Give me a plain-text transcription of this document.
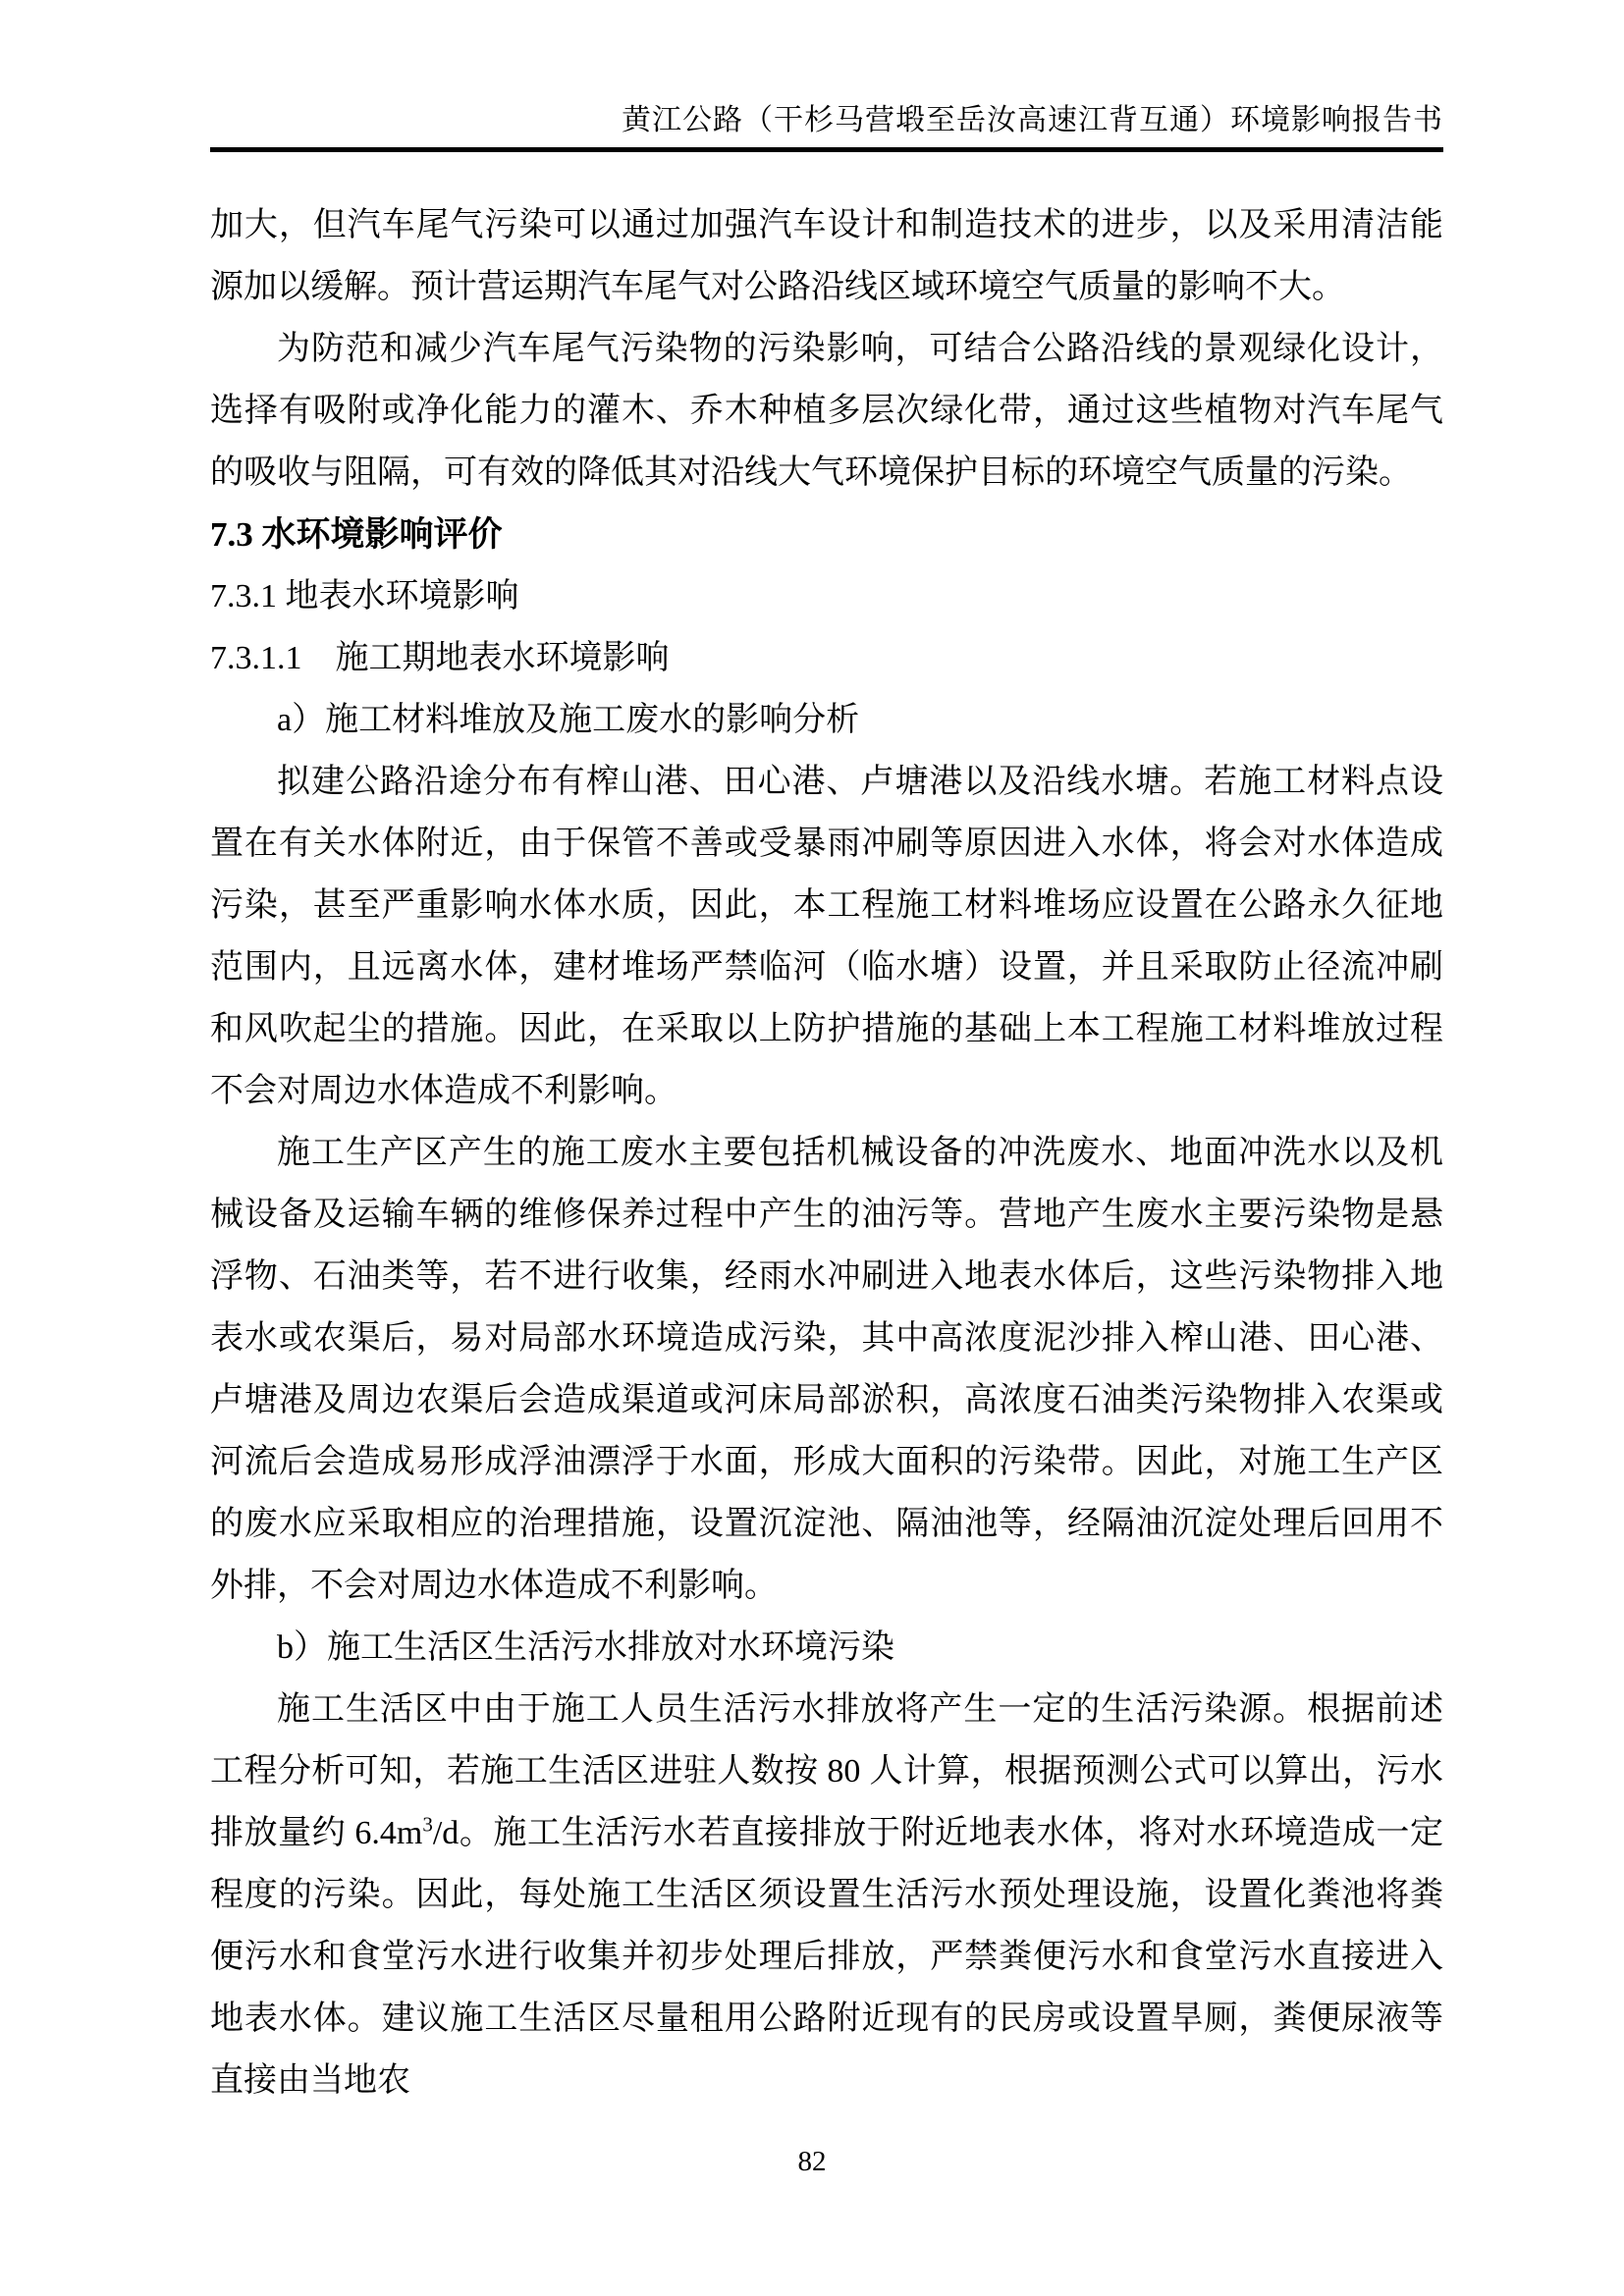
黄江公路（干杉马营塅至岳汝高速江背互通）环境影响报告书
加大，但汽车尾气污染可以通过加强汽车设计和制造技术的进步，以及采用清洁能源加以缓解。预计营运期汽车尾气对公路沿线区域环境空气质量的影响不大。
为防范和减少汽车尾气污染物的污染影响，可结合公路沿线的景观绿化设计，选择有吸附或净化能力的灌木、乔木种植多层次绿化带，通过这些植物对汽车尾气的吸收与阻隔，可有效的降低其对沿线大气环境保护目标的环境空气质量的污染。
7.3 水环境影响评价
7.3.1 地表水环境影响
7.3.1.1　施工期地表水环境影响
a）施工材料堆放及施工废水的影响分析
拟建公路沿途分布有榨山港、田心港、卢塘港以及沿线水塘。若施工材料点设置在有关水体附近，由于保管不善或受暴雨冲刷等原因进入水体，将会对水体造成污染，甚至严重影响水体水质，因此，本工程施工材料堆场应设置在公路永久征地范围内，且远离水体，建材堆场严禁临河（临水塘）设置，并且采取防止径流冲刷和风吹起尘的措施。因此，在采取以上防护措施的基础上本工程施工材料堆放过程不会对周边水体造成不利影响。
施工生产区产生的施工废水主要包括机械设备的冲洗废水、地面冲洗水以及机械设备及运输车辆的维修保养过程中产生的油污等。营地产生废水主要污染物是悬浮物、石油类等，若不进行收集，经雨水冲刷进入地表水体后，这些污染物排入地表水或农渠后，易对局部水环境造成污染，其中高浓度泥沙排入榨山港、田心港、卢塘港及周边农渠后会造成渠道或河床局部淤积，高浓度石油类污染物排入农渠或河流后会造成易形成浮油漂浮于水面，形成大面积的污染带。因此，对施工生产区的废水应采取相应的治理措施，设置沉淀池、隔油池等，经隔油沉淀处理后回用不外排，不会对周边水体造成不利影响。
b）施工生活区生活污水排放对水环境污染
施工生活区中由于施工人员生活污水排放将产生一定的生活污染源。根据前述工程分析可知，若施工生活区进驻人数按 80 人计算，根据预测公式可以算出，污水排放量约 $6.4m^3/d$。施工生活污水若直接排放于附近地表水体，将对水环境造成一定程度的污染。因此，每处施工生活区须设置生活污水预处理设施，设置化粪池将粪便污水和食堂污水进行收集并初步处理后排放，严禁粪便污水和食堂污水直接进入地表水体。建议施工生活区尽量租用公路附近现有的民房或设置旱厕，粪便尿液等直接由当地农
82
